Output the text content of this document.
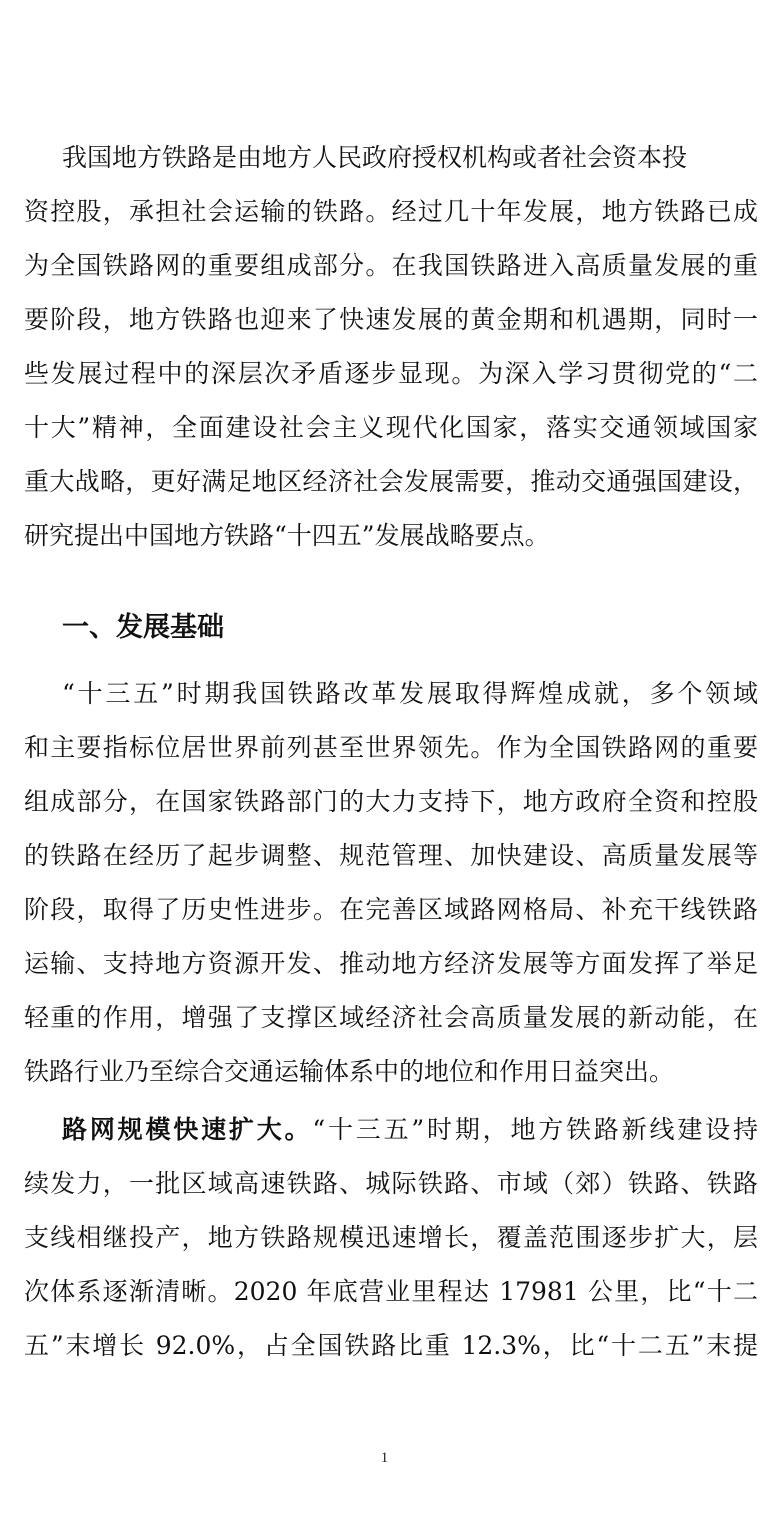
我国地方铁路是由地方人民政府授权机构或者社会资本投
资控股，承担社会运输的铁路。经过几十年发展，地方铁路已成
为全国铁路网的重要组成部分。在我国铁路进入高质量发展的重
要阶段，地方铁路也迎来了快速发展的黄金期和机遇期，同时一
些发展过程中的深层次矛盾逐步显现。为深入学习贯彻党的“二
十大”精神，全面建设社会主义现代化国家，落实交通领域国家
重大战略，更好满足地区经济社会发展需要，推动交通强国建设，
研究提出中国地方铁路“十四五”发展战略要点。
一、发展基础
“十三五”时期我国铁路改革发展取得辉煌成就，多个领域
和主要指标位居世界前列甚至世界领先。作为全国铁路网的重要
组成部分，在国家铁路部门的大力支持下，地方政府全资和控股
的铁路在经历了起步调整、规范管理、加快建设、高质量发展等
阶段，取得了历史性进步。在完善区域路网格局、补充干线铁路
运输、支持地方资源开发、推动地方经济发展等方面发挥了举足
轻重的作用，增强了支撑区域经济社会高质量发展的新动能，在
铁路行业乃至综合交通运输体系中的地位和作用日益突出。
路网规模快速扩大。“十三五”时期，地方铁路新线建设持
续发力，一批区域高速铁路、城际铁路、市域（郊）铁路、铁路
支线相继投产，地方铁路规模迅速增长，覆盖范围逐步扩大，层
次体系逐渐清晰。2020 年底营业里程达 17981 公里，比“十二
五”末增长 92.0%，占全国铁路比重 12.3%，比“十二五”末提
1
